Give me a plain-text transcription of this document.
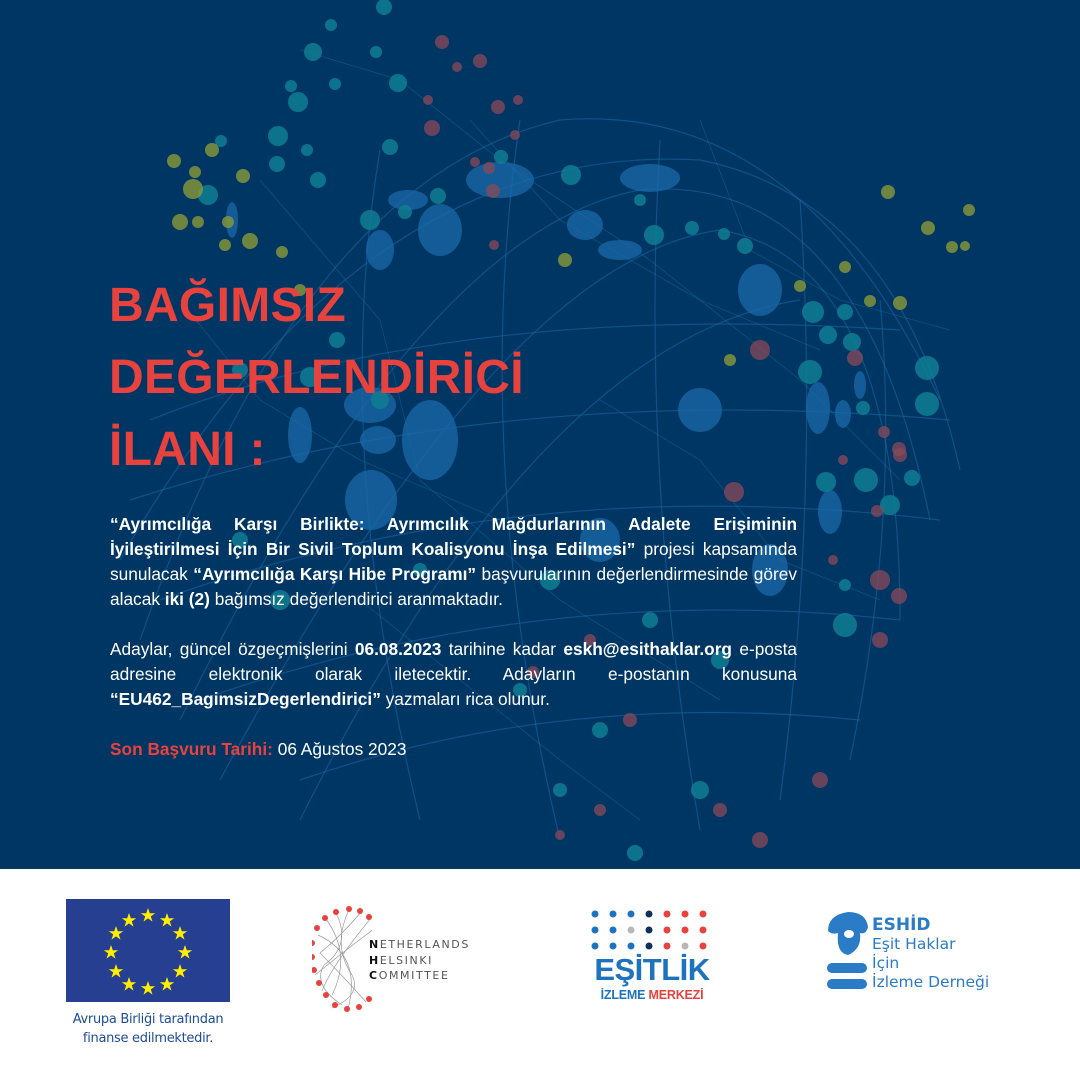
BAĞIMSIZ
DEĞERLENDİRİCİ
İLANI :

“Ayrımcılığa Karşı Birlikte: Ayrımcılık Mağdurlarının Adalete Erişiminin İyileştirilmesi İçin Bir Sivil Toplum Koalisyonu İnşa Edilmesi” projesi kapsamında sunulacak “Ayrımcılığa Karşı Hibe Programı” başvurularının değerlendirmesinde görev alacak iki (2) bağımsız değerlendirici aranmaktadır.

Adaylar, güncel özgeçmişlerini 06.08.2023 tarihine kadar eskh@esithaklar.org e-posta adresine elektronik olarak iletecektir. Adayların e-postanın konusuna “EU462_BagimsizDegerlendirici” yazmaları rica olunur.

Son Başvuru Tarihi: 06 Ağustos 2023

Avrupa Birliği tarafından
finanse edilmektedir.
NETHERLANDS
HELSINKI
COMMITTEE	EŞİTLİK
İZLEME MERKEZİ
ESHİD
Eşit Haklar
İçin
İzleme Derneği
